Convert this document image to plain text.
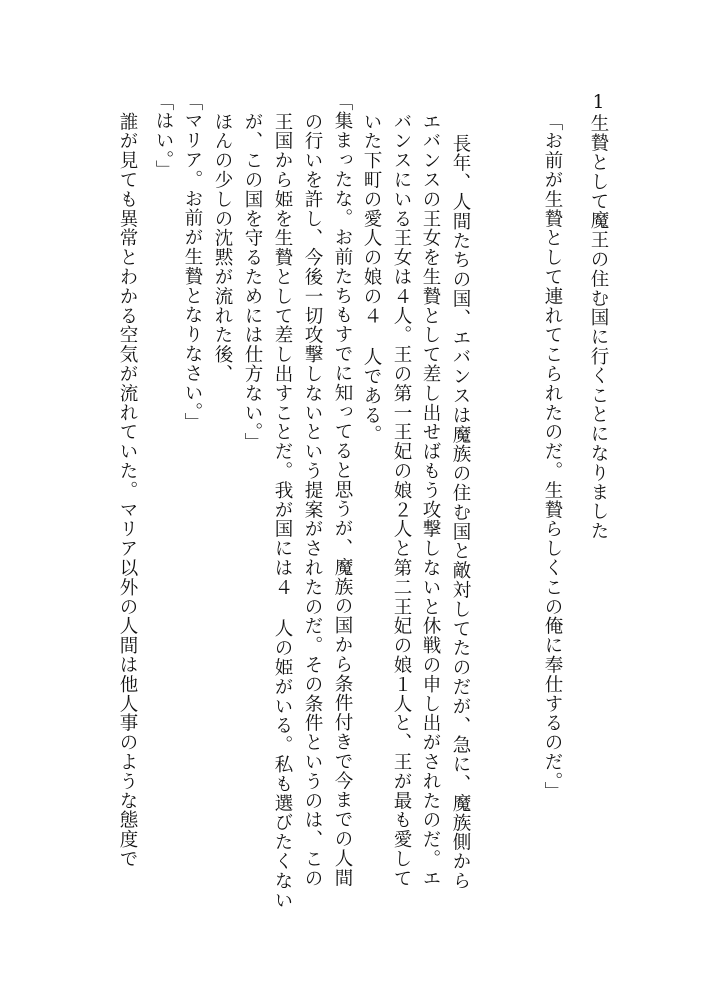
1生贄として魔王の住む国に行くことになりました
「お前が生贄として連れてこられたのだ。生贄らしくこの俺に奉仕するのだ。」
長年、人間たちの国、エバンスは魔族の住む国と敵対してたのだが、急に、魔族側から
エバンスの王女を生贄として差し出せばもう攻撃しないと休戦の申し出がされたのだ。エ
バンスにいる王女は４人。王の第一王妃の娘２人と第二王妃の娘１人と、王が最も愛して
いた下町の愛人の娘の４ 人である。
「集まったな。お前たちもすでに知ってると思うが、魔族の国から条件付きで今までの人間
の行いを許し、今後一切攻撃しないという提案がされたのだ。その条件というのは、この
王国から姫を生贄として差し出すことだ。我が国には４ 人の姫がいる。私も選びたくない
が、この国を守るためには仕方ない。」
ほんの少しの沈黙が流れた後、
「マリア。お前が生贄となりなさい。」
「はい。」
誰が見ても異常とわかる空気が流れていた。マリア以外の人間は他人事のような態度で
